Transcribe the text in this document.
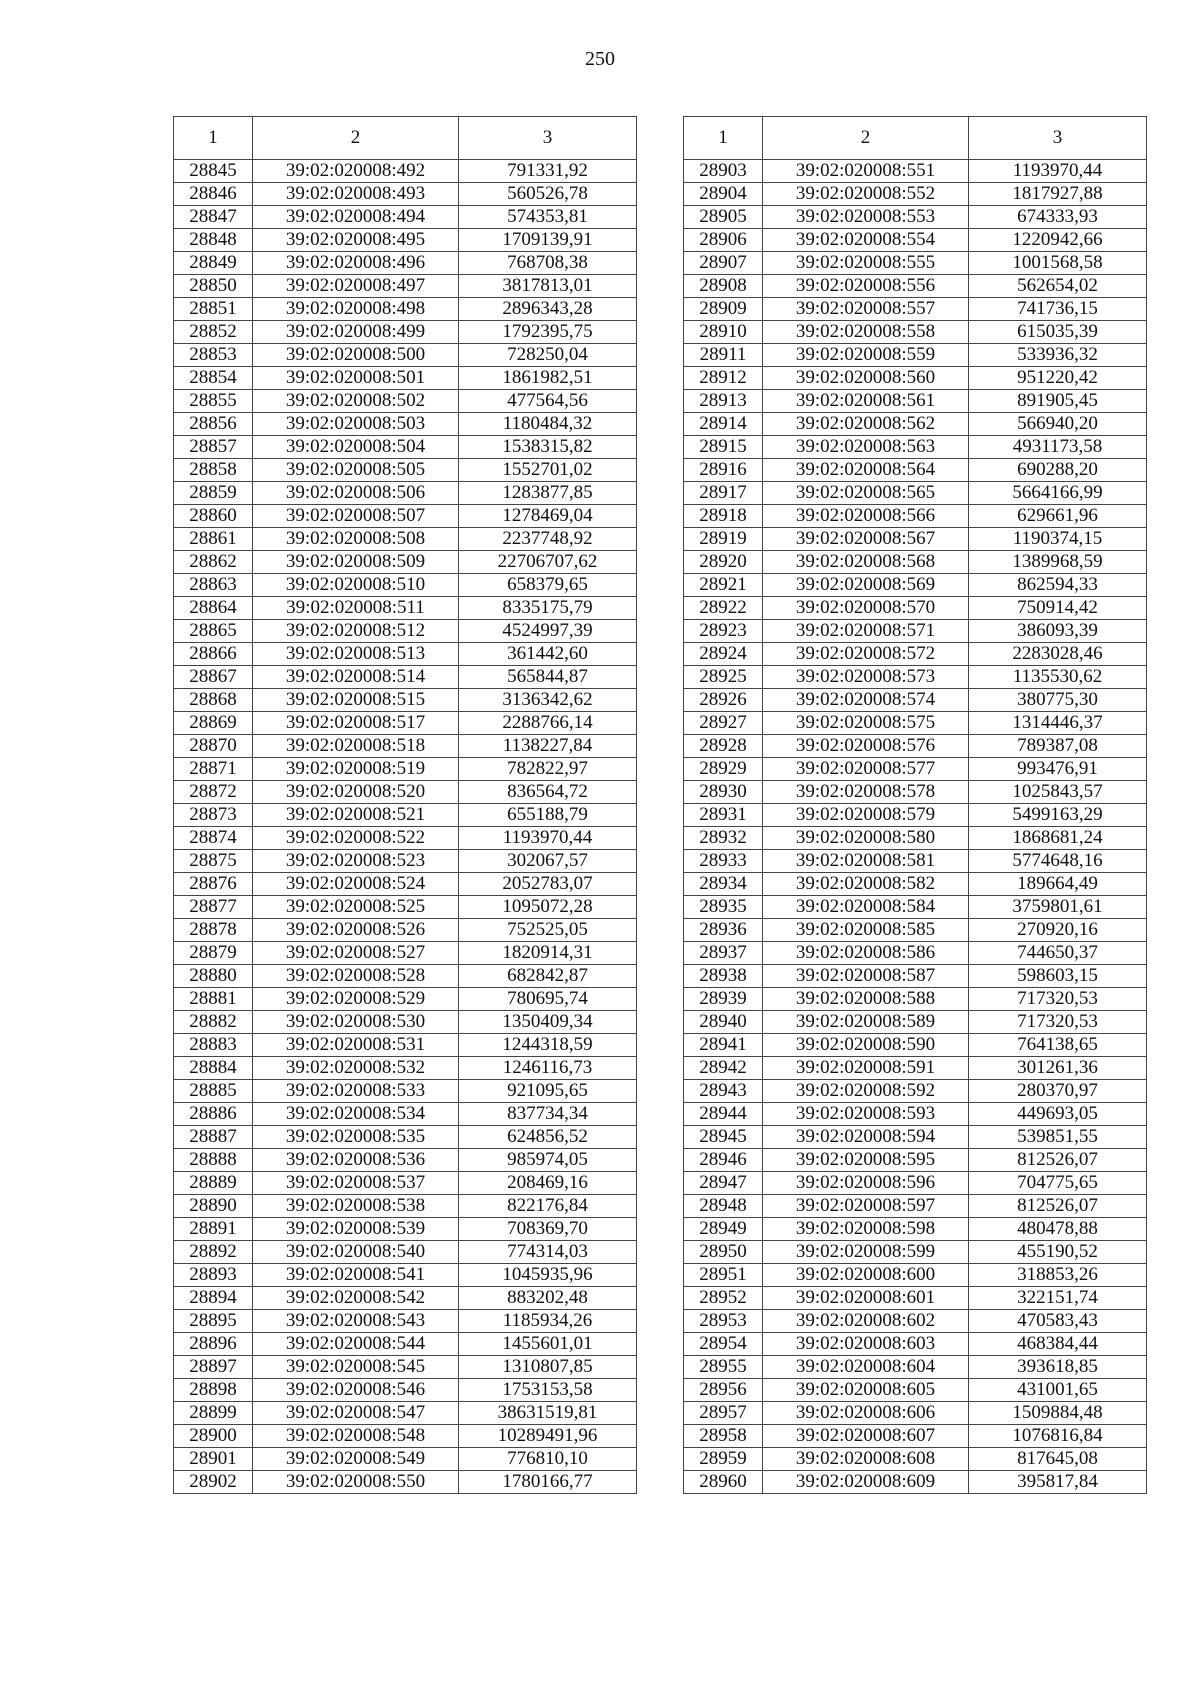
250
1	2	3
28845	39:02:020008:492	791331,92
28846	39:02:020008:493	560526,78
28847	39:02:020008:494	574353,81
28848	39:02:020008:495	1709139,91
28849	39:02:020008:496	768708,38
28850	39:02:020008:497	3817813,01
28851	39:02:020008:498	2896343,28
28852	39:02:020008:499	1792395,75
28853	39:02:020008:500	728250,04
28854	39:02:020008:501	1861982,51
28855	39:02:020008:502	477564,56
28856	39:02:020008:503	1180484,32
28857	39:02:020008:504	1538315,82
28858	39:02:020008:505	1552701,02
28859	39:02:020008:506	1283877,85
28860	39:02:020008:507	1278469,04
28861	39:02:020008:508	2237748,92
28862	39:02:020008:509	22706707,62
28863	39:02:020008:510	658379,65
28864	39:02:020008:511	8335175,79
28865	39:02:020008:512	4524997,39
28866	39:02:020008:513	361442,60
28867	39:02:020008:514	565844,87
28868	39:02:020008:515	3136342,62
28869	39:02:020008:517	2288766,14
28870	39:02:020008:518	1138227,84
28871	39:02:020008:519	782822,97
28872	39:02:020008:520	836564,72
28873	39:02:020008:521	655188,79
28874	39:02:020008:522	1193970,44
28875	39:02:020008:523	302067,57
28876	39:02:020008:524	2052783,07
28877	39:02:020008:525	1095072,28
28878	39:02:020008:526	752525,05
28879	39:02:020008:527	1820914,31
28880	39:02:020008:528	682842,87
28881	39:02:020008:529	780695,74
28882	39:02:020008:530	1350409,34
28883	39:02:020008:531	1244318,59
28884	39:02:020008:532	1246116,73
28885	39:02:020008:533	921095,65
28886	39:02:020008:534	837734,34
28887	39:02:020008:535	624856,52
28888	39:02:020008:536	985974,05
28889	39:02:020008:537	208469,16
28890	39:02:020008:538	822176,84
28891	39:02:020008:539	708369,70
28892	39:02:020008:540	774314,03
28893	39:02:020008:541	1045935,96
28894	39:02:020008:542	883202,48
28895	39:02:020008:543	1185934,26
28896	39:02:020008:544	1455601,01
28897	39:02:020008:545	1310807,85
28898	39:02:020008:546	1753153,58
28899	39:02:020008:547	38631519,81
28900	39:02:020008:548	10289491,96
28901	39:02:020008:549	776810,10
28902	39:02:020008:550	1780166,77
1	2	3
28903	39:02:020008:551	1193970,44
28904	39:02:020008:552	1817927,88
28905	39:02:020008:553	674333,93
28906	39:02:020008:554	1220942,66
28907	39:02:020008:555	1001568,58
28908	39:02:020008:556	562654,02
28909	39:02:020008:557	741736,15
28910	39:02:020008:558	615035,39
28911	39:02:020008:559	533936,32
28912	39:02:020008:560	951220,42
28913	39:02:020008:561	891905,45
28914	39:02:020008:562	566940,20
28915	39:02:020008:563	4931173,58
28916	39:02:020008:564	690288,20
28917	39:02:020008:565	5664166,99
28918	39:02:020008:566	629661,96
28919	39:02:020008:567	1190374,15
28920	39:02:020008:568	1389968,59
28921	39:02:020008:569	862594,33
28922	39:02:020008:570	750914,42
28923	39:02:020008:571	386093,39
28924	39:02:020008:572	2283028,46
28925	39:02:020008:573	1135530,62
28926	39:02:020008:574	380775,30
28927	39:02:020008:575	1314446,37
28928	39:02:020008:576	789387,08
28929	39:02:020008:577	993476,91
28930	39:02:020008:578	1025843,57
28931	39:02:020008:579	5499163,29
28932	39:02:020008:580	1868681,24
28933	39:02:020008:581	5774648,16
28934	39:02:020008:582	189664,49
28935	39:02:020008:584	3759801,61
28936	39:02:020008:585	270920,16
28937	39:02:020008:586	744650,37
28938	39:02:020008:587	598603,15
28939	39:02:020008:588	717320,53
28940	39:02:020008:589	717320,53
28941	39:02:020008:590	764138,65
28942	39:02:020008:591	301261,36
28943	39:02:020008:592	280370,97
28944	39:02:020008:593	449693,05
28945	39:02:020008:594	539851,55
28946	39:02:020008:595	812526,07
28947	39:02:020008:596	704775,65
28948	39:02:020008:597	812526,07
28949	39:02:020008:598	480478,88
28950	39:02:020008:599	455190,52
28951	39:02:020008:600	318853,26
28952	39:02:020008:601	322151,74
28953	39:02:020008:602	470583,43
28954	39:02:020008:603	468384,44
28955	39:02:020008:604	393618,85
28956	39:02:020008:605	431001,65
28957	39:02:020008:606	1509884,48
28958	39:02:020008:607	1076816,84
28959	39:02:020008:608	817645,08
28960	39:02:020008:609	395817,84
